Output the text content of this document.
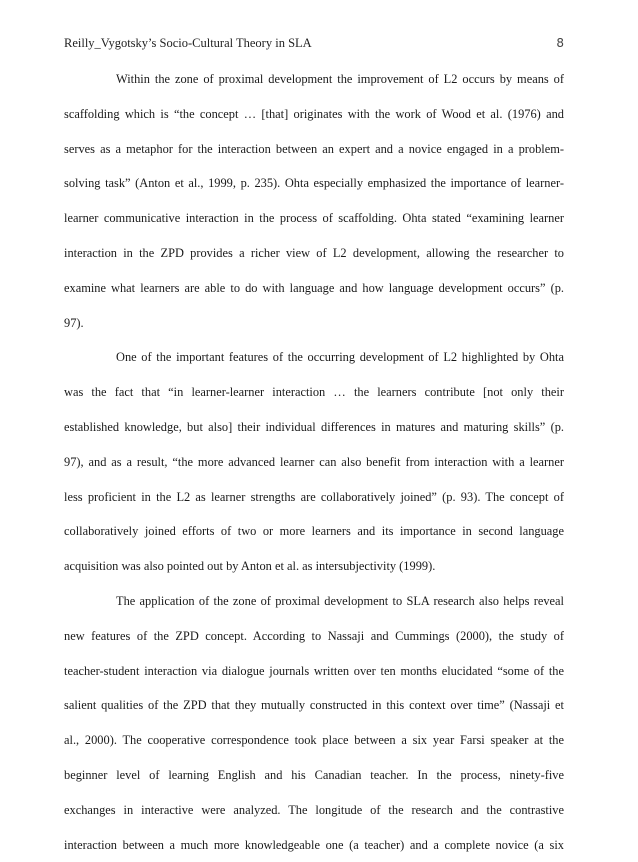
Reilly_Vygotsky’s Socio-Cultural Theory in SLA	8
Within the zone of proximal development the improvement of L2 occurs by means of
scaffolding which is “the concept … [that] originates with the work of Wood et al. (1976) and
serves as a metaphor for the interaction between an expert and a novice engaged in a problem-
solving task” (Anton et al., 1999, p. 235). Ohta especially emphasized the importance of learner-
learner communicative interaction in the process of scaffolding. Ohta stated “examining learner
interaction in the ZPD provides a richer view of L2 development, allowing the researcher to
examine what learners are able to do with language and how language development occurs” (p.
97).
One of the important features of the occurring development of L2 highlighted by Ohta
was the fact that “in learner-learner interaction … the learners contribute [not only their
established knowledge, but also] their individual differences in matures and maturing skills” (p.
97), and as a result, “the more advanced learner can also benefit from interaction with a learner
less proficient in the L2 as learner strengths are collaboratively joined” (p. 93). The concept of
collaboratively joined efforts of two or more learners and its importance in second language
acquisition was also pointed out by Anton et al. as intersubjectivity (1999).
The application of the zone of proximal development to SLA research also helps reveal
new features of the ZPD concept. According to Nassaji and Cummings (2000), the study of
teacher-student interaction via dialogue journals written over ten months elucidated “some of the
salient qualities of the ZPD that they mutually constructed in this context over time” (Nassaji et
al., 2000). The cooperative correspondence took place between a six year Farsi speaker at the
beginner level of learning English and his Canadian teacher. In the process, ninety-five
exchanges in interactive were analyzed. The longitude of the research and the contrastive
interaction between a much more knowledgeable one (a teacher) and a complete novice (a six
